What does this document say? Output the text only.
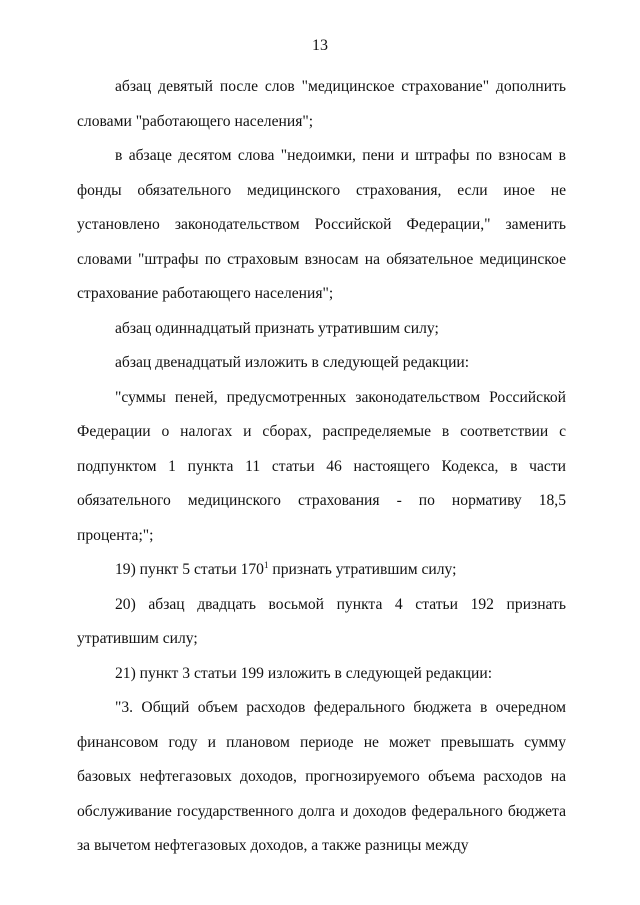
13

абзац девятый после слов "медицинское страхование" дополнить словами "работающего населения";

в абзаце десятом слова "недоимки, пени и штрафы по взносам в фонды обязательного медицинского страхования, если иное не установлено законодательством Российской Федерации," заменить словами "штрафы по страховым взносам на обязательное медицинское страхование работающего населения";

абзац одиннадцатый признать утратившим силу;

абзац двенадцатый изложить в следующей редакции:

"суммы пеней, предусмотренных законодательством Российской Федерации о налогах и сборах, распределяемые в соответствии с подпунктом 1 пункта 11 статьи 46 настоящего Кодекса, в части обязательного медицинского страхования - по нормативу 18,5 процента;";

19) пункт 5 статьи $170^1$ признать утратившим силу;

20) абзац двадцать восьмой пункта 4 статьи 192 признать утратившим силу;

21) пункт 3 статьи 199 изложить в следующей редакции:

"3. Общий объем расходов федерального бюджета в очередном финансовом году и плановом периоде не может превышать сумму базовых нефтегазовых доходов, прогнозируемого объема расходов на обслуживание государственного долга и доходов федерального бюджета за вычетом нефтегазовых доходов, а также разницы между
